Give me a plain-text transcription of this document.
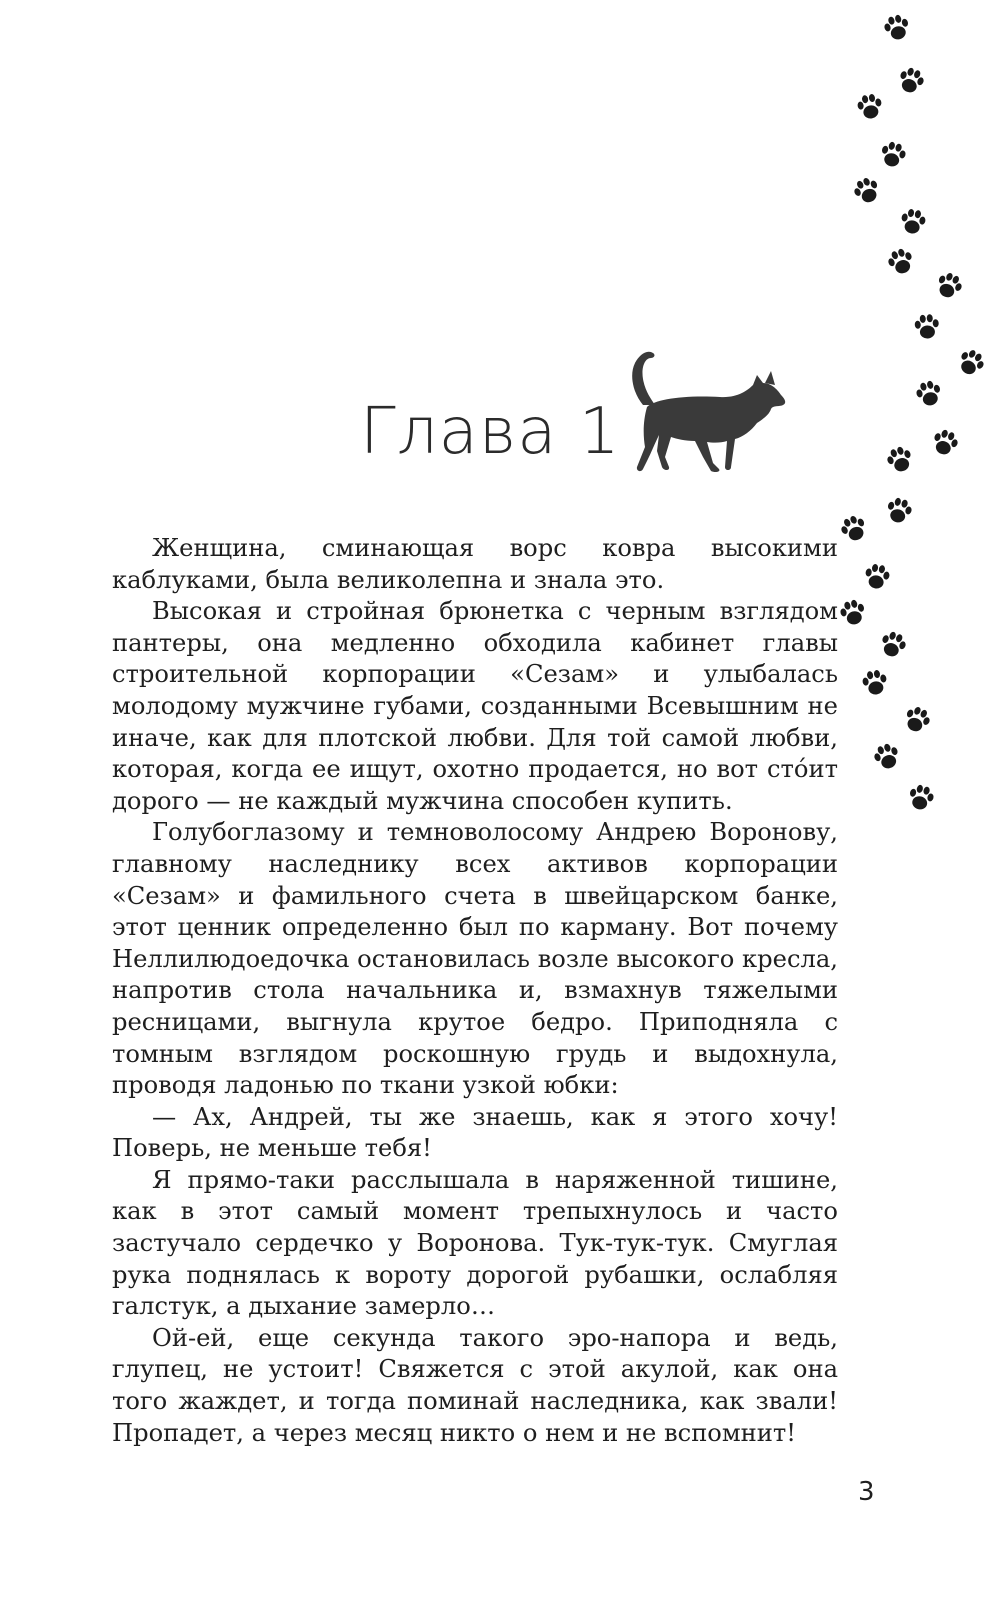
Глава 1

Женщина, сминающая ворс ковра высокими каблуками, была великолепна и знала это.

Высокая и стройная брюнетка с черным взглядом пантеры, она медленно обходила кабинет главы строительной корпорации «Сезам» и улыбалась молодому мужчине губами, созданными Всевышним не иначе, как для плотской любви. Для той самой любви, которая, когда ее ищут, охотно продается, но вот стóит дорого — не каждый мужчина способен купить.

Голубоглазому и темноволосому Андрею Воронову, главному наследнику всех активов корпорации «Сезам» и фамильного счета в швейцарском банке, этот ценник определенно был по карману. Вот почему Неллилюдоедочка остановилась возле высокого кресла, напротив стола начальника и, взмахнув тяжелыми ресницами, выгнула крутое бедро. Приподняла с томным взглядом роскошную грудь и выдохнула, проводя ладонью по ткани узкой юбки:

— Ах, Андрей, ты же знаешь, как я этого хочу! Поверь, не меньше тебя!

Я прямо-таки расслышала в наряженной тишине, как в этот самый момент трепыхнулось и часто застучало сердечко у Воронова. Тук-тук-тук. Смуглая рука поднялась к вороту дорогой рубашки, ослабляя галстук, а дыхание замерло…

Ой-ей, еще секунда такого эро-напора и ведь, глупец, не устоит! Свяжется с этой акулой, как она того жаждет, и тогда поминай наследника, как звали! Пропадет, а через месяц никто о нем и не вспомнит!

3
